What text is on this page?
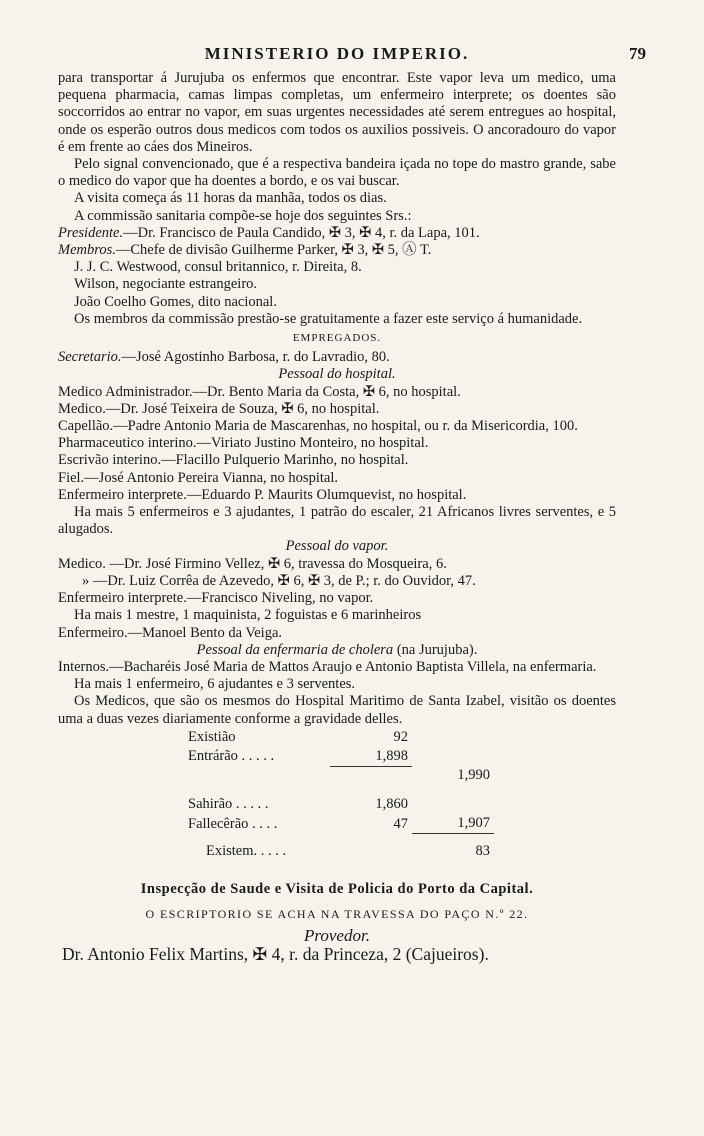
MINISTERIO DO IMPERIO.	79

para transportar á Jurujuba os enfermos que encontrar. Este vapor leva um medico, uma pequena pharmacia, camas limpas completas, um enfermeiro interprete; os doentes são soccorridos ao entrar no vapor, em suas urgentes necessidades até serem entregues ao hospital, onde os esperão outros dous medicos com todos os auxilios possiveis. O ancoradouro do vapor é em frente ao cáes dos Mineiros.

Pelo signal convencionado, que é a respectiva bandeira içada no tope do mastro grande, sabe o medico do vapor que ha doentes a bordo, e os vai buscar.

A visita começa ás 11 horas da manhãa, todos os dias.

A commissão sanitaria compõe-se hoje dos seguintes Srs.:

Presidente.—Dr. Francisco de Paula Candido, ✠ 3, ✠ 4, r. da Lapa, 101.

Membros.—Chefe de divisão Guilherme Parker, ✠ 3, ✠ 5, Ⓐ T.

J. J. C. Westwood, consul britannico, r. Direita, 8.

Wilson, negociante estrangeiro.

João Coelho Gomes, dito nacional.

Os membros da commissão prestão-se gratuitamente a fazer este serviço á humanidade.

EMPREGADOS.

Secretario.—José Agostinho Barbosa, r. do Lavradio, 80.

Pessoal do hospital.

Medico Administrador.—Dr. Bento Maria da Costa, ✠ 6, no hospital.

Medico.—Dr. José Teixeira de Souza, ✠ 6, no hospital.

Capellão.—Padre Antonio Maria de Mascarenhas, no hospital, ou r. da Misericordia, 100.

Pharmaceutico interino.—Viriato Justino Monteiro, no hospital.

Escrivão interino.—Flacillo Pulquerio Marinho, no hospital.

Fiel.—José Antonio Pereira Vianna, no hospital.

Enfermeiro interprete.—Eduardo P. Maurits Olumquevist, no hospital.

Ha mais 5 enfermeiros e 3 ajudantes, 1 patrão do escaler, 21 Africanos livres serventes, e 5 alugados.

Pessoal do vapor.

Medico. —Dr. José Firmino Vellez, ✠ 6, travessa do Mosqueira, 6.

» —Dr. Luiz Corrêa de Azevedo, ✠ 6, ✠ 3, de P.; r. do Ouvidor, 47.

Enfermeiro interprete.—Francisco Niveling, no vapor.

Ha mais 1 mestre, 1 maquinista, 2 foguistas e 6 marinheiros

Enfermeiro.—Manoel Bento da Veiga.

Pessoal da enfermaria de cholera (na Jurujuba).

Internos.—Bacharéis José Maria de Mattos Araujo e Antonio Baptista Villela, na enfermaria.

Ha mais 1 enfermeiro, 6 ajudantes e 3 serventes.

Os Medicos, que são os mesmos do Hospital Maritimo de Santa Izabel, visitão os doentes uma a duas vezes diariamente conforme a gravidade delles.

Existião	92	
Entrárão . . . . .	1,898	
		1,990
Sahirão . . . . .	1,860	
Fallecêrão . . . .	47	1,907
Existem. . . . .		83

Inspecção de Saude e Visita de Policia do Porto da Capital.

O ESCRIPTORIO SE ACHA NA TRAVESSA DO PAÇO N.º 22.

Provedor.

Dr. Antonio Felix Martins, ✠ 4, r. da Princeza, 2 (Cajueiros).
